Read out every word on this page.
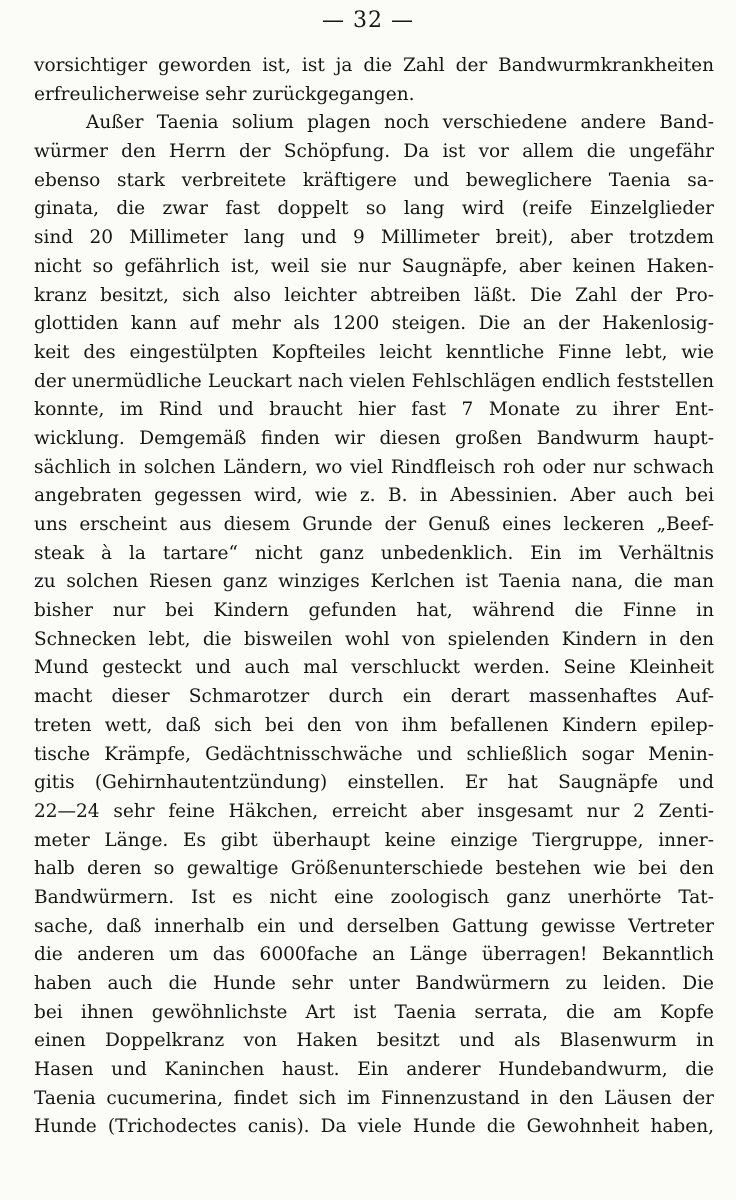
— 32 —
vorsichtiger geworden ist, ist ja die Zahl der Bandwurmkrankheiten
erfreulicherweise sehr zurückgegangen.
Außer Taenia solium plagen noch verschiedene andere Band-
würmer den Herrn der Schöpfung. Da ist vor allem die ungefähr
ebenso stark verbreitete kräftigere und beweglichere Taenia sa-
ginata, die zwar fast doppelt so lang wird (reife Einzelglieder
sind 20 Millimeter lang und 9 Millimeter breit), aber trotzdem
nicht so gefährlich ist, weil sie nur Saugnäpfe, aber keinen Haken-
kranz besitzt, sich also leichter abtreiben läßt. Die Zahl der Pro-
glottiden kann auf mehr als 1200 steigen. Die an der Hakenlosig-
keit des eingestülpten Kopfteiles leicht kenntliche Finne lebt, wie
der unermüdliche Leuckart nach vielen Fehlschlägen endlich feststellen
konnte, im Rind und braucht hier fast 7 Monate zu ihrer Ent-
wicklung. Demgemäß finden wir diesen großen Bandwurm haupt-
sächlich in solchen Ländern, wo viel Rindfleisch roh oder nur schwach
angebraten gegessen wird, wie z. B. in Abessinien. Aber auch bei
uns erscheint aus diesem Grunde der Genuß eines leckeren „Beef-
steak à la tartare“ nicht ganz unbedenklich. Ein im Verhältnis
zu solchen Riesen ganz winziges Kerlchen ist Taenia nana, die man
bisher nur bei Kindern gefunden hat, während die Finne in
Schnecken lebt, die bisweilen wohl von spielenden Kindern in den
Mund gesteckt und auch mal verschluckt werden. Seine Kleinheit
macht dieser Schmarotzer durch ein derart massenhaftes Auf-
treten wett, daß sich bei den von ihm befallenen Kindern epilep-
tische Krämpfe, Gedächtnisschwäche und schließlich sogar Menin-
gitis (Gehirnhautentzündung) einstellen. Er hat Saugnäpfe und
22—24 sehr feine Häkchen, erreicht aber insgesamt nur 2 Zenti-
meter Länge. Es gibt überhaupt keine einzige Tiergruppe, inner-
halb deren so gewaltige Größenunterschiede bestehen wie bei den
Bandwürmern. Ist es nicht eine zoologisch ganz unerhörte Tat-
sache, daß innerhalb ein und derselben Gattung gewisse Vertreter
die anderen um das 6000fache an Länge überragen! Bekanntlich
haben auch die Hunde sehr unter Bandwürmern zu leiden. Die
bei ihnen gewöhnlichste Art ist Taenia serrata, die am Kopfe
einen Doppelkranz von Haken besitzt und als Blasenwurm in
Hasen und Kaninchen haust. Ein anderer Hundebandwurm, die
Taenia cucumerina, findet sich im Finnenzustand in den Läusen der
Hunde (Trichodectes canis). Da viele Hunde die Gewohnheit haben,
